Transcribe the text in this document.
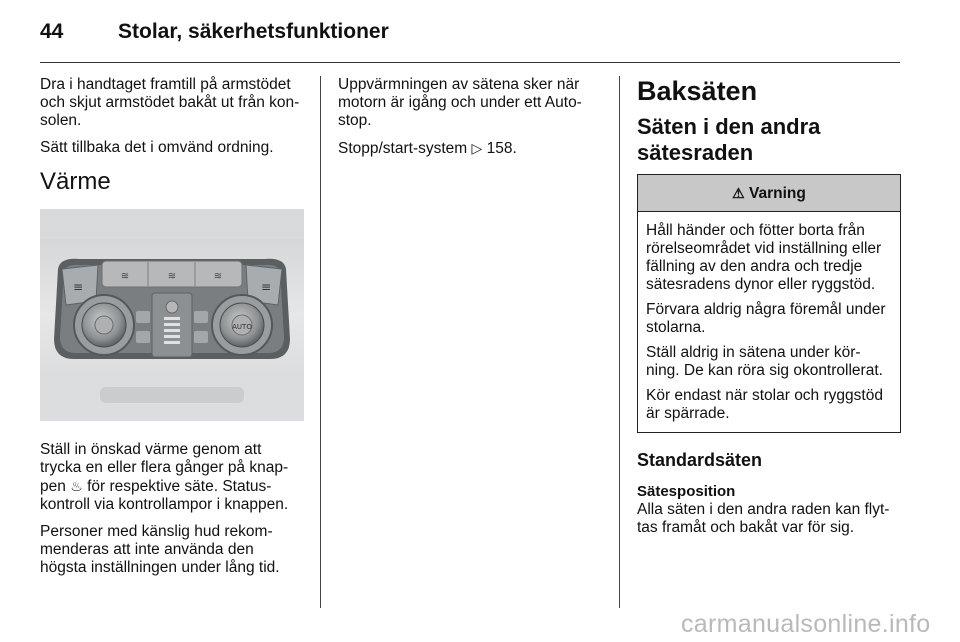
44	Stolar, säkerhetsfunktioner

Dra i handtaget framtill på armstödet och skjut armstödet bakåt ut från kon-solen.

Sätt tillbaka det i omvänd ordning.

Värme
≋	≋	≋
≡	≡
AUTO

Ställ in önskad värme genom att trycka en eller flera gånger på knap-pen ♨ för respektive säte. Status-kontroll via kontrollampor i knappen.

Personer med känslig hud rekom-menderas att inte använda den högsta inställningen under lång tid.

Uppvärmningen av sätena sker när motorn är igång och under ett Auto-stop.

Stopp/start-system ▷ 158.

Baksäten
Säten i den andra sätesraden
⚠ Varning

Håll händer och fötter borta från rörelseområdet vid inställning eller fällning av den andra och tredje sätesradens dynor eller ryggstöd.

Förvara aldrig några föremål under stolarna.

Ställ aldrig in sätena under kör-ning. De kan röra sig okontrollerat.

Kör endast när stolar och ryggstöd är spärrade.

Standardsäten
Sätesposition

Alla säten i den andra raden kan flyt-tas framåt och bakåt var för sig.

carmanualsonline.info
